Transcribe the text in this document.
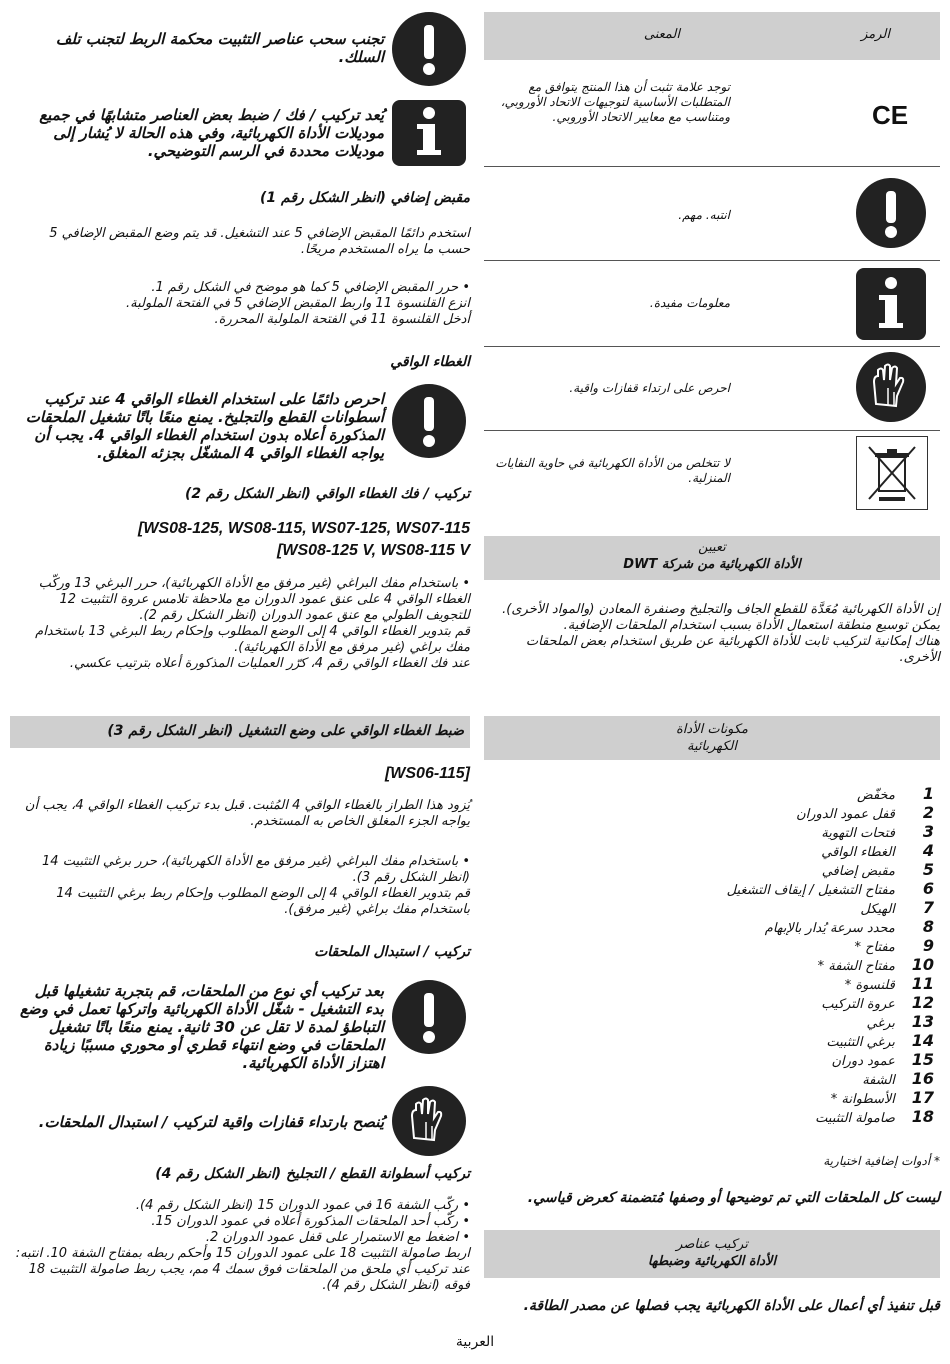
الرمز
المعنى
CE
توجد علامة تثبت أن هذا المنتج يتوافق مع المتطلبات الأساسية لتوجيهات الاتحاد الأوروبي، ومتناسب مع معايير الاتحاد الأوروبي.
انتبه. مهم.
معلومات مفيدة.
احرص على ارتداء قفازات واقية.
لا تتخلص من الأداة الكهربائية في حاوية النفايات المنزلية.
تعيين
الأداة الكهربائية من شركة DWT
إن الأداة الكهربائية مُعَدَّة للقطع الجاف والتجليخ وصنفرة المعادن (والمواد الأخرى).
يمكن توسيع منطقة استعمال الأداة بسبب استخدام الملحقات الإضافية.
هناك إمكانية لتركيب ثابت للأداة الكهربائية عن طريق استخدام بعض الملحقات الأخرى.
مكونات الأداة
الكهربائية
1 مخفّض
2 قفل عمود الدوران
3 فتحات التهوية
4 الغطاء الواقي
5 مقبض إضافي
6 مفتاح التشغيل / إيقاف التشغيل
7 الهيكل
8 محدد سرعة يُدار بالإبهام
9 مفتاح *
10 مفتاح الشفة *
11 قلنسوة *
12 عروة التركيب
13 برغي
14 برغي التثبيت
15 عمود دوران
16 الشفة
17 الأسطوانة *
18 صامولة التثبيت
* أدوات إضافية اختيارية
ليست كل الملحقات التي تم توضيحها أو وصفها مُتضمنة كعرض قياسي.
تركيب عناصر
الأداة الكهربائية وضبطها
قبل تنفيذ أي أعمال على الأداة الكهربائية يجب فصلها عن مصدر الطاقة.
تجنب سحب عناصر التثبيت محكمة الربط لتجنب تلف السلك.
يُعد تركيب / فك / ضبط بعض العناصر متشابهًا في جميع موديلات الأداة الكهربائية، وفي هذه الحالة لا يُشار إلى موديلات محددة في الرسم التوضيحي.
مقبض إضافي (انظر الشكل رقم 1)
استخدم دائمًا المقبض الإضافي 5 عند التشغيل. قد يتم وضع المقبض الإضافي 5 حسب ما يراه المستخدم مريحًا.
• حرر المقبض الإضافي 5 كما هو موضح في الشكل رقم 1.
انزع القلنسوة 11 واربط المقبض الإضافي 5 في الفتحة الملولبة.
أدخل القلنسوة 11 في الفتحة الملولبة المحررة.
الغطاء الواقي
احرص دائمًا على استخدام الغطاء الواقي 4 عند تركيب أسطوانات القطع والتجليخ. يمنع منعًا باتًا تشغيل الملحقات المذكورة أعلاه بدون استخدام الغطاء الواقي 4. يجب أن يواجه الغطاء الواقي 4 المشغّل بجزئه المغلق.
تركيب / فك الغطاء الواقي (انظر الشكل رقم 2)
[WS08-125, WS08-115, WS07-125, WS07-115
[WS08-125 V, WS08-115 V
• باستخدام مفك البراغي (غير مرفق مع الأداة الكهربائية)، حرر البرغي 13 وركّب الغطاء الواقي 4 على عنق عمود الدوران مع ملاحظة تلامس عروة التثبيت 12 للتجويف الطولي مع عنق عمود الدوران (انظر الشكل رقم 2).
قم بتدوير الغطاء الواقي 4 إلى الوضع المطلوب وإحكام ربط البرغي 13 باستخدام مفك براغي (غير مرفق مع الأداة الكهربائية).
عند فك الغطاء الواقي رقم 4، كرّر العمليات المذكورة أعلاه بترتيب عكسي.
ضبط الغطاء الواقي على وضع التشغيل (انظر الشكل رقم 3)
[WS06-115]
يُزود هذا الطراز بالغطاء الواقي 4 المُثبت. قبل بدء تركيب الغطاء الواقي 4، يجب أن يواجه الجزء المغلق الخاص به المستخدم.
• باستخدام مفك البراغي (غير مرفق مع الأداة الكهربائية)، حرر برغي التثبيت 14 (انظر الشكل رقم 3).
قم بتدوير الغطاء الواقي 4 إلى الوضع المطلوب وإحكام ربط برغي التثبيت 14 باستخدام مفك براغي (غير مرفق).
تركيب / استبدال الملحقات
بعد تركيب أي نوع من الملحقات، قم بتجربة تشغيلها قبل بدء التشغيل - شغّل الأداة الكهربائية واتركها تعمل في وضع التباطؤ لمدة لا تقل عن 30 ثانية. يمنع منعًا باتًا تشغيل الملحقات في وضع انتهاء قطري أو محوري مسببًا زيادة اهتزاز الأداة الكهربائية.
يُنصح بارتداء قفازات واقية لتركيب / استبدال الملحقات.
تركيب أسطوانة القطع / التجليخ (انظر الشكل رقم 4)
• ركّب الشفة 16 في عمود الدوران 15 (انظر الشكل رقم 4).
• ركّب أحد الملحقات المذكورة أعلاه في عمود الدوران 15.
• اضغط مع الاستمرار على قفل عمود الدوران 2.
اربط صامولة التثبيت 18 على عمود الدوران 15 وأحكم ربطه بمفتاح الشفة 10. انتبه: عند تركيب أي ملحق من الملحقات فوق سمك 4 مم، يجب ربط صامولة التثبيت 18 فوقه (انظر الشكل رقم 4).
العربية
